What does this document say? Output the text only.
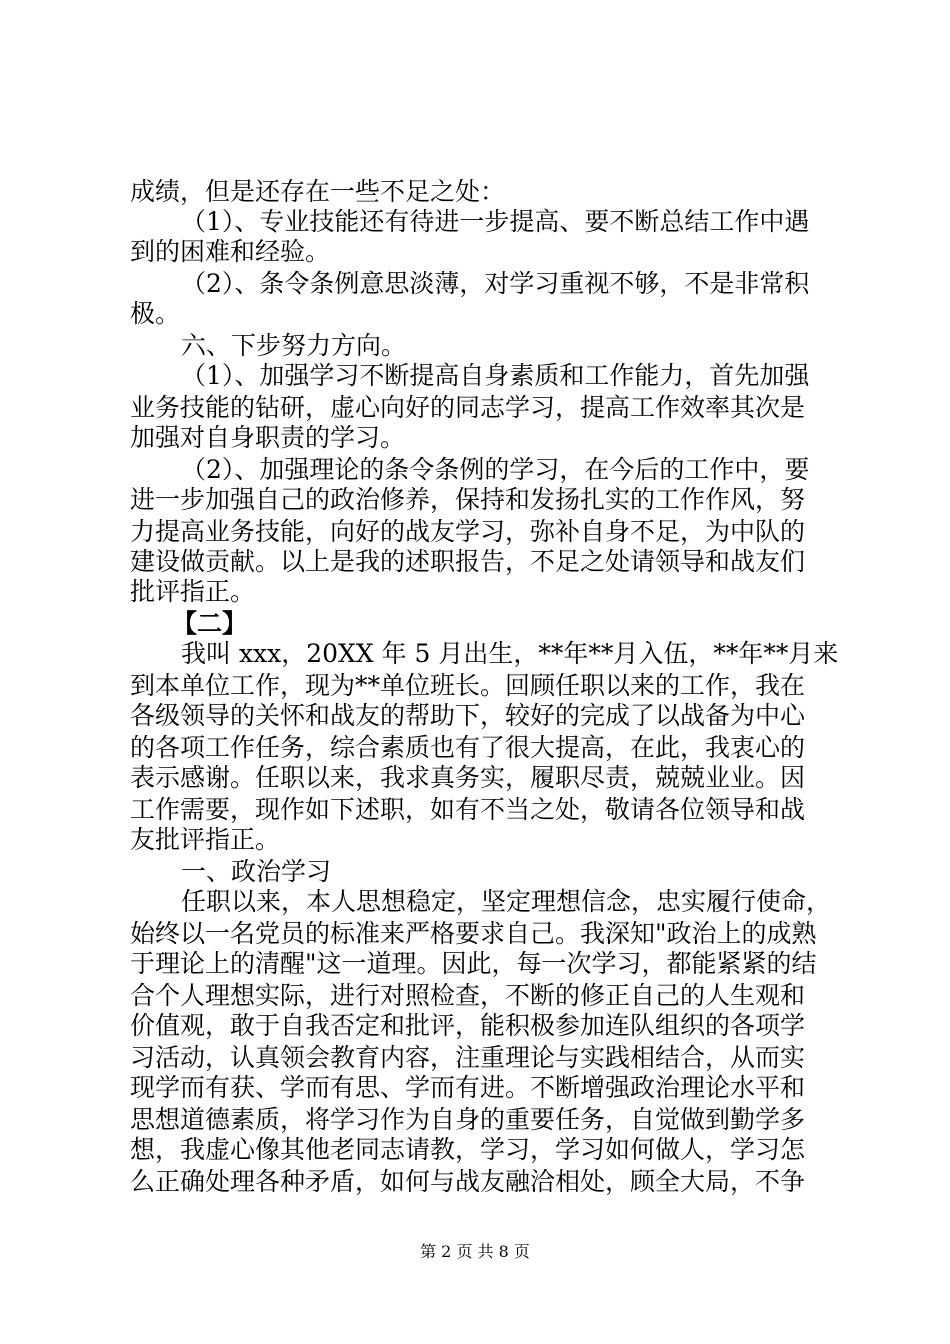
成绩，但是还存在一些不足之处：
（1）、专业技能还有待进一步提高、要不断总结工作中遇
到的困难和经验。
（2）、条令条例意思淡薄，对学习重视不够，不是非常积
极。
六、下步努力方向。
（1）、加强学习不断提高自身素质和工作能力，首先加强
业务技能的钻研，虚心向好的同志学习，提高工作效率其次是
加强对自身职责的学习。
（2）、加强理论的条令条例的学习，在今后的工作中，要
进一步加强自己的政治修养，保持和发扬扎实的工作作风，努
力提高业务技能，向好的战友学习，弥补自身不足，为中队的
建设做贡献。以上是我的述职报告，不足之处请领导和战友们
批评指正。
【二】
我叫 xxx，20XX 年 5 月出生，**年**月入伍，**年**月来
到本单位工作，现为**单位班长。回顾任职以来的工作，我在
各级领导的关怀和战友的帮助下，较好的完成了以战备为中心
的各项工作任务，综合素质也有了很大提高，在此，我衷心的
表示感谢。任职以来，我求真务实，履职尽责，兢兢业业。因
工作需要，现作如下述职，如有不当之处，敬请各位领导和战
友批评指正。
一、政治学习
任职以来，本人思想稳定，坚定理想信念，忠实履行使命，
始终以一名党员的标准来严格要求自己。我深知"政治上的成熟
于理论上的清醒"这一道理。因此，每一次学习，都能紧紧的结
合个人理想实际，进行对照检查，不断的修正自己的人生观和
价值观，敢于自我否定和批评，能积极参加连队组织的各项学
习活动，认真领会教育内容，注重理论与实践相结合，从而实
现学而有获、学而有思、学而有进。不断增强政治理论水平和
思想道德素质，将学习作为自身的重要任务，自觉做到勤学多
想，我虚心像其他老同志请教，学习，学习如何做人，学习怎
么正确处理各种矛盾，如何与战友融洽相处，顾全大局，不争
第 2 页 共 8 页
